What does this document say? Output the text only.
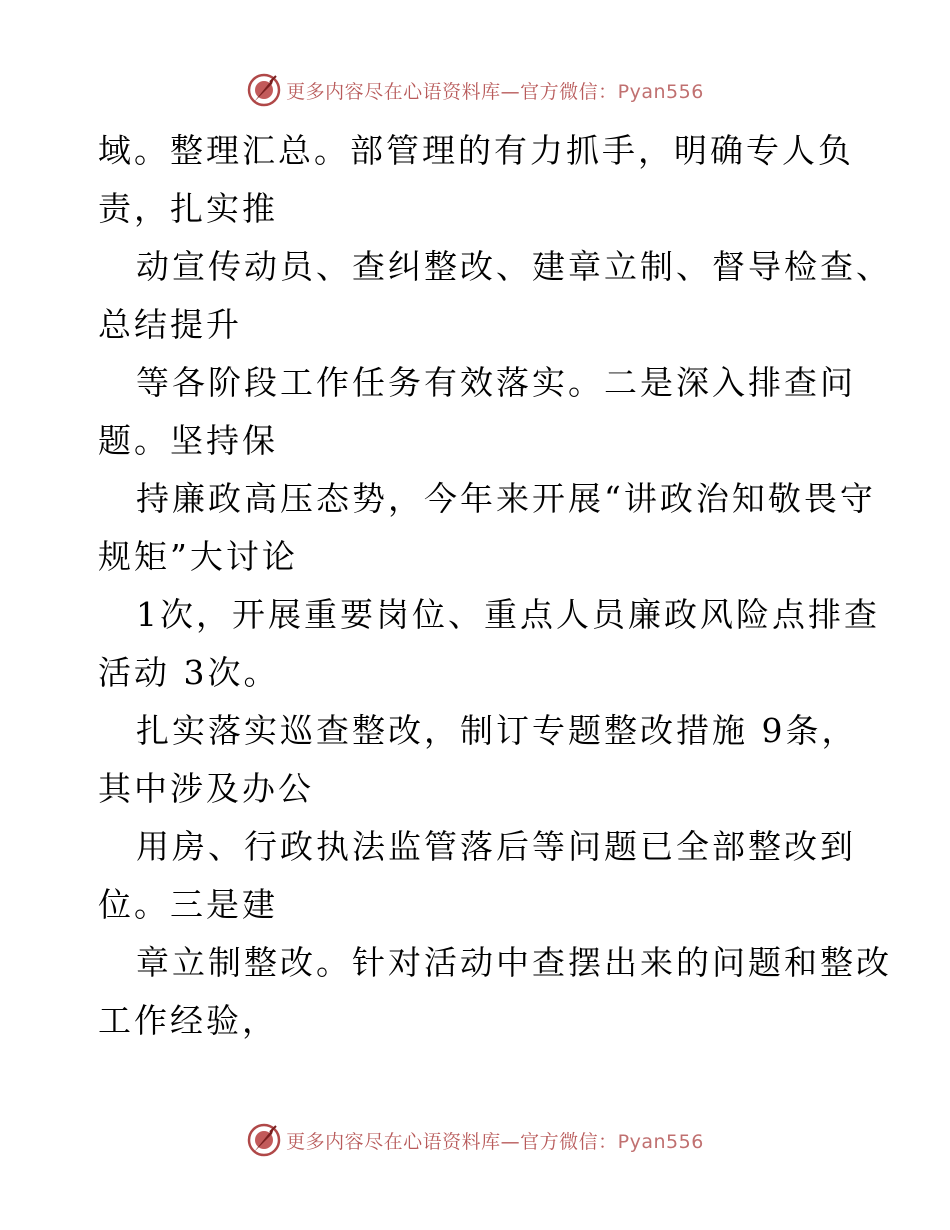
更多内容尽在心语资料库—官方微信：Pyan556

域。整理汇总。部管理的有力抓手，明确专人负
责，扎实推

动宣传动员、查纠整改、建章立制、督导检查、
总结提升

等各阶段工作任务有效落实。二是深入排查问
题。坚持保

持廉政高压态势，今年来开展“讲政治知敬畏守
规矩”大讨论

1次，开展重要岗位、重点人员廉政风险点排查
活动 3次。

扎实落实巡查整改，制订专题整改措施 9条，
其中涉及办公

用房、行政执法监管落后等问题已全部整改到
位。三是建

章立制整改。针对活动中查摆出来的问题和整改
工作经验，

更多内容尽在心语资料库—官方微信：Pyan556
